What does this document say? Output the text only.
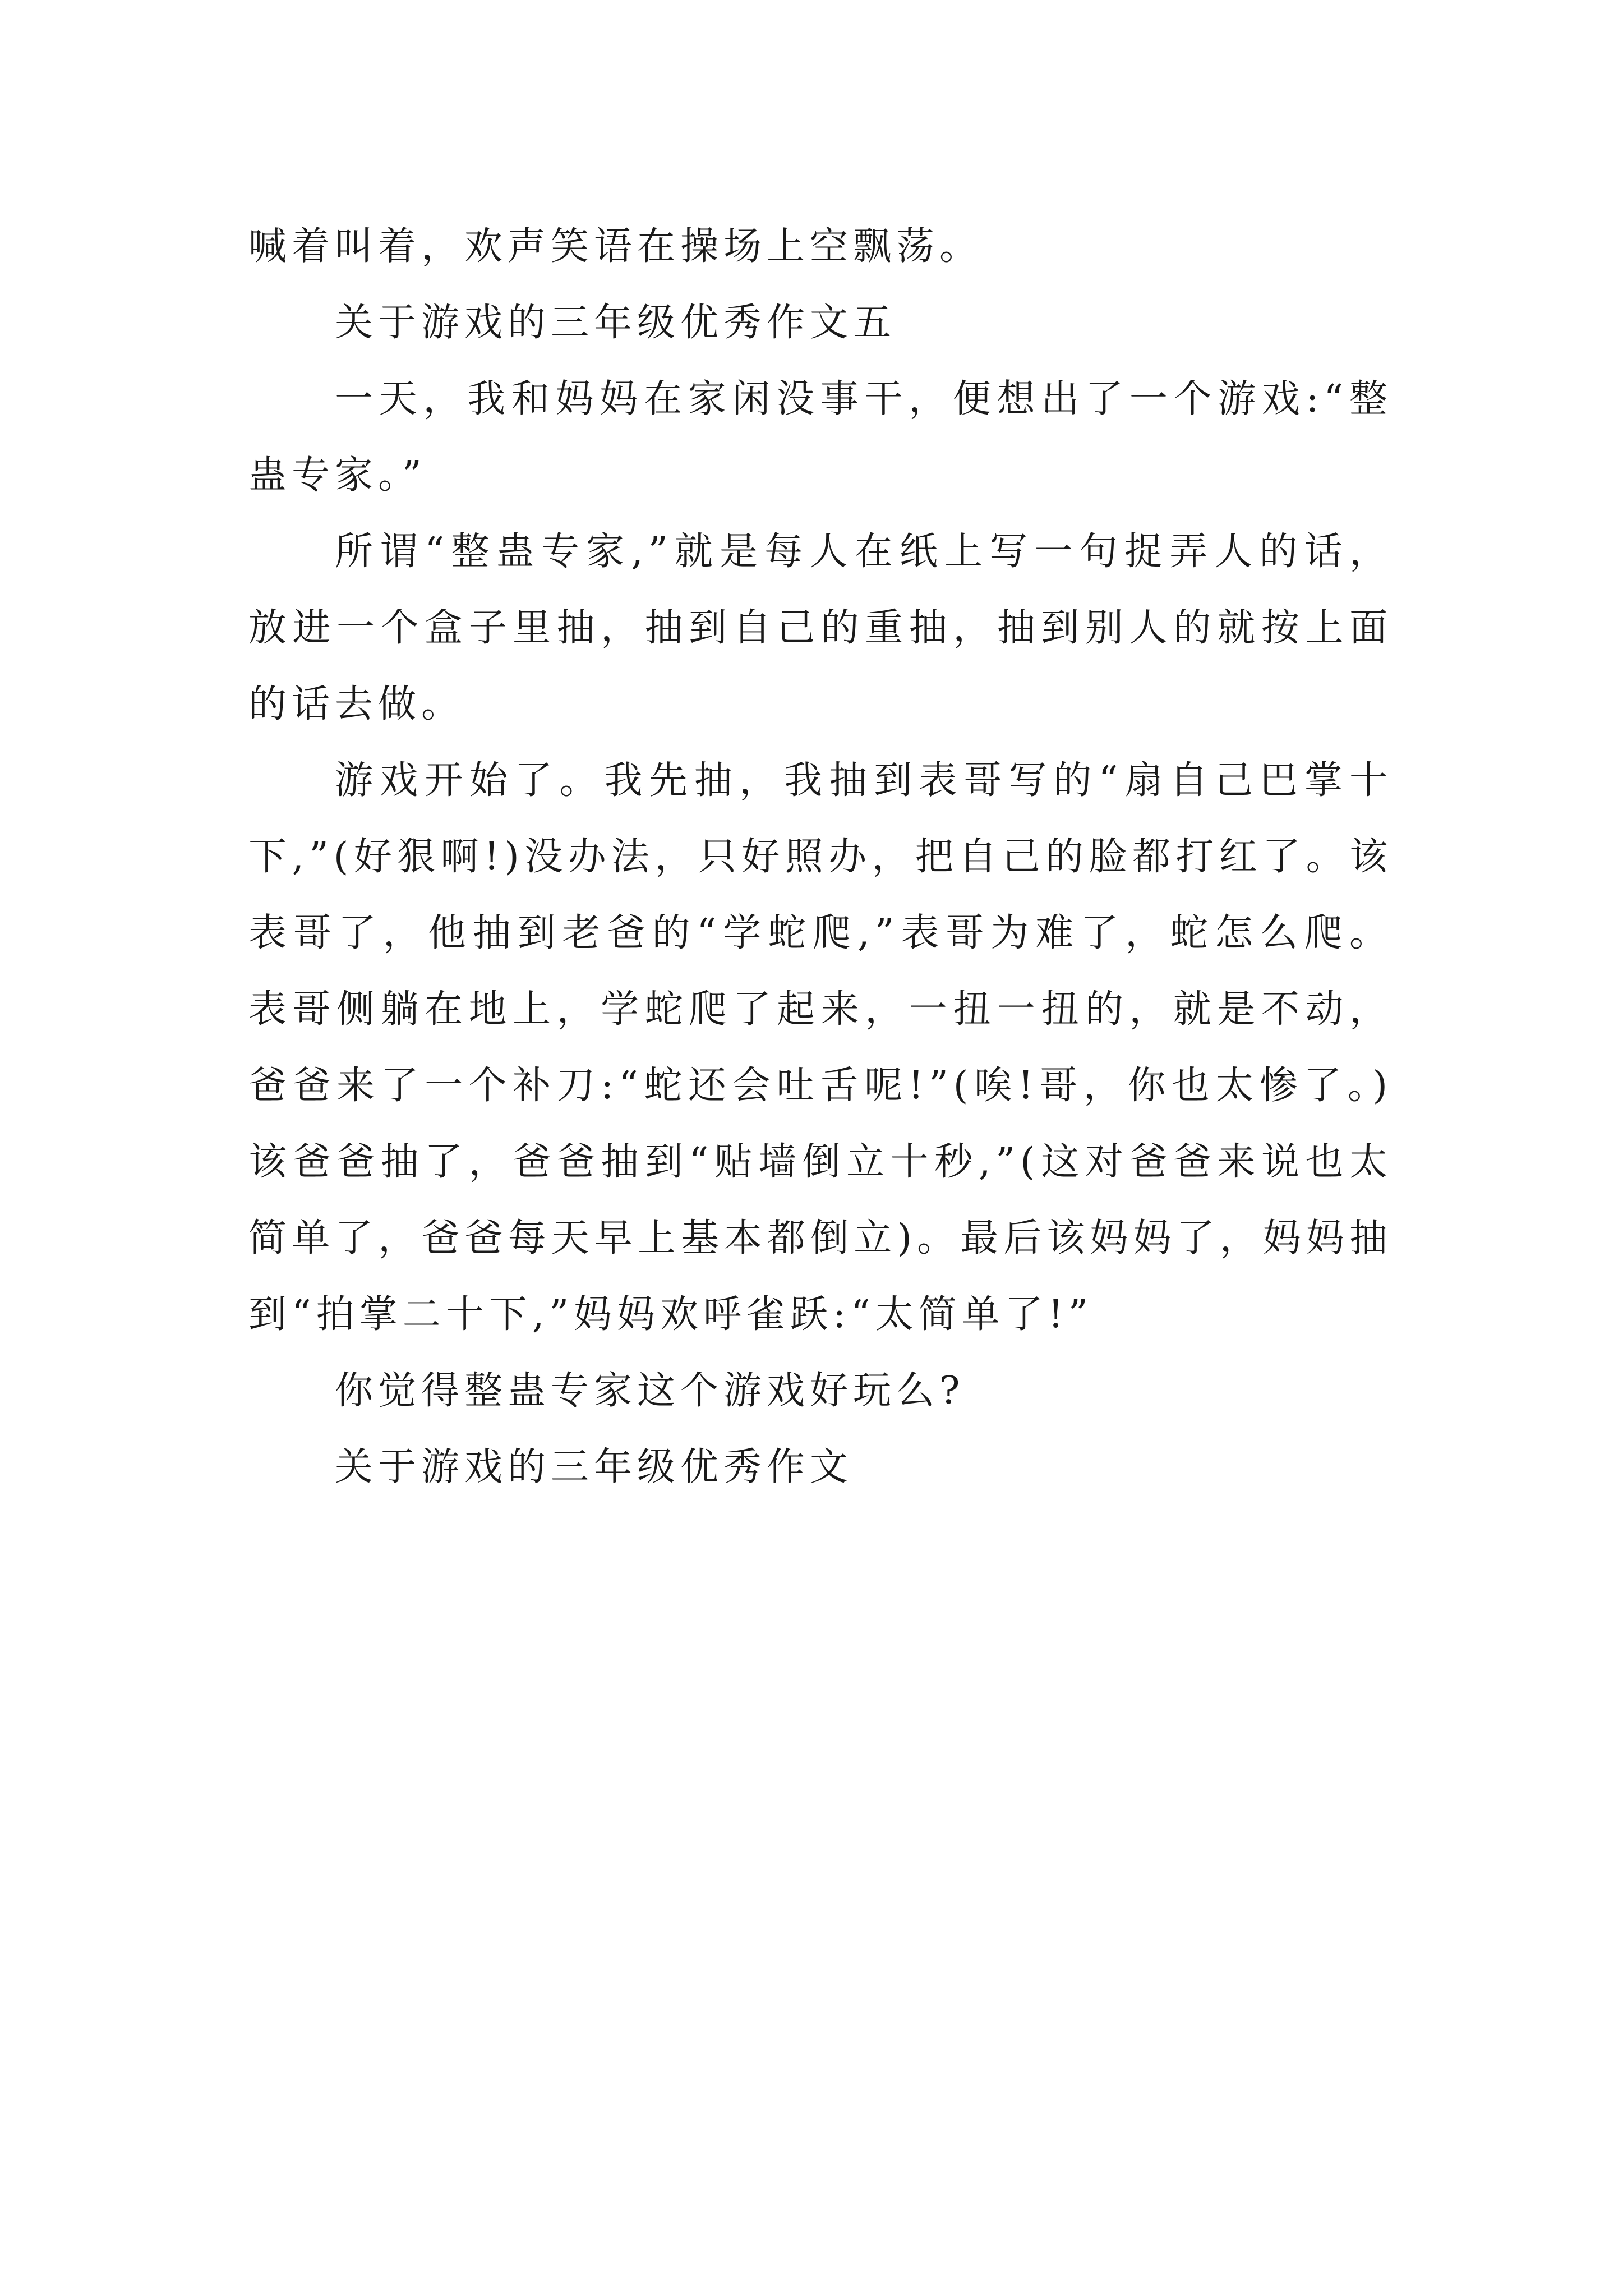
喊着叫着，欢声笑语在操场上空飘荡。

关于游戏的三年级优秀作文五

一天，我和妈妈在家闲没事干，便想出了一个游戏:“整蛊专家。”

所谓“整蛊专家,”就是每人在纸上写一句捉弄人的话，放进一个盒子里抽，抽到自己的重抽，抽到别人的就按上面的话去做。

游戏开始了。我先抽，我抽到表哥写的“扇自己巴掌十下,”(好狠啊!)没办法，只好照办，把自己的脸都打红了。该表哥了，他抽到老爸的“学蛇爬,”表哥为难了，蛇怎么爬。表哥侧躺在地上，学蛇爬了起来，一扭一扭的，就是不动，爸爸来了一个补刀:“蛇还会吐舌呢!”(唉!哥，你也太惨了。)该爸爸抽了，爸爸抽到“贴墙倒立十秒,”(这对爸爸来说也太简单了，爸爸每天早上基本都倒立)。最后该妈妈了，妈妈抽到“拍掌二十下,”妈妈欢呼雀跃:“太简单了!”

你觉得整蛊专家这个游戏好玩么?

关于游戏的三年级优秀作文
